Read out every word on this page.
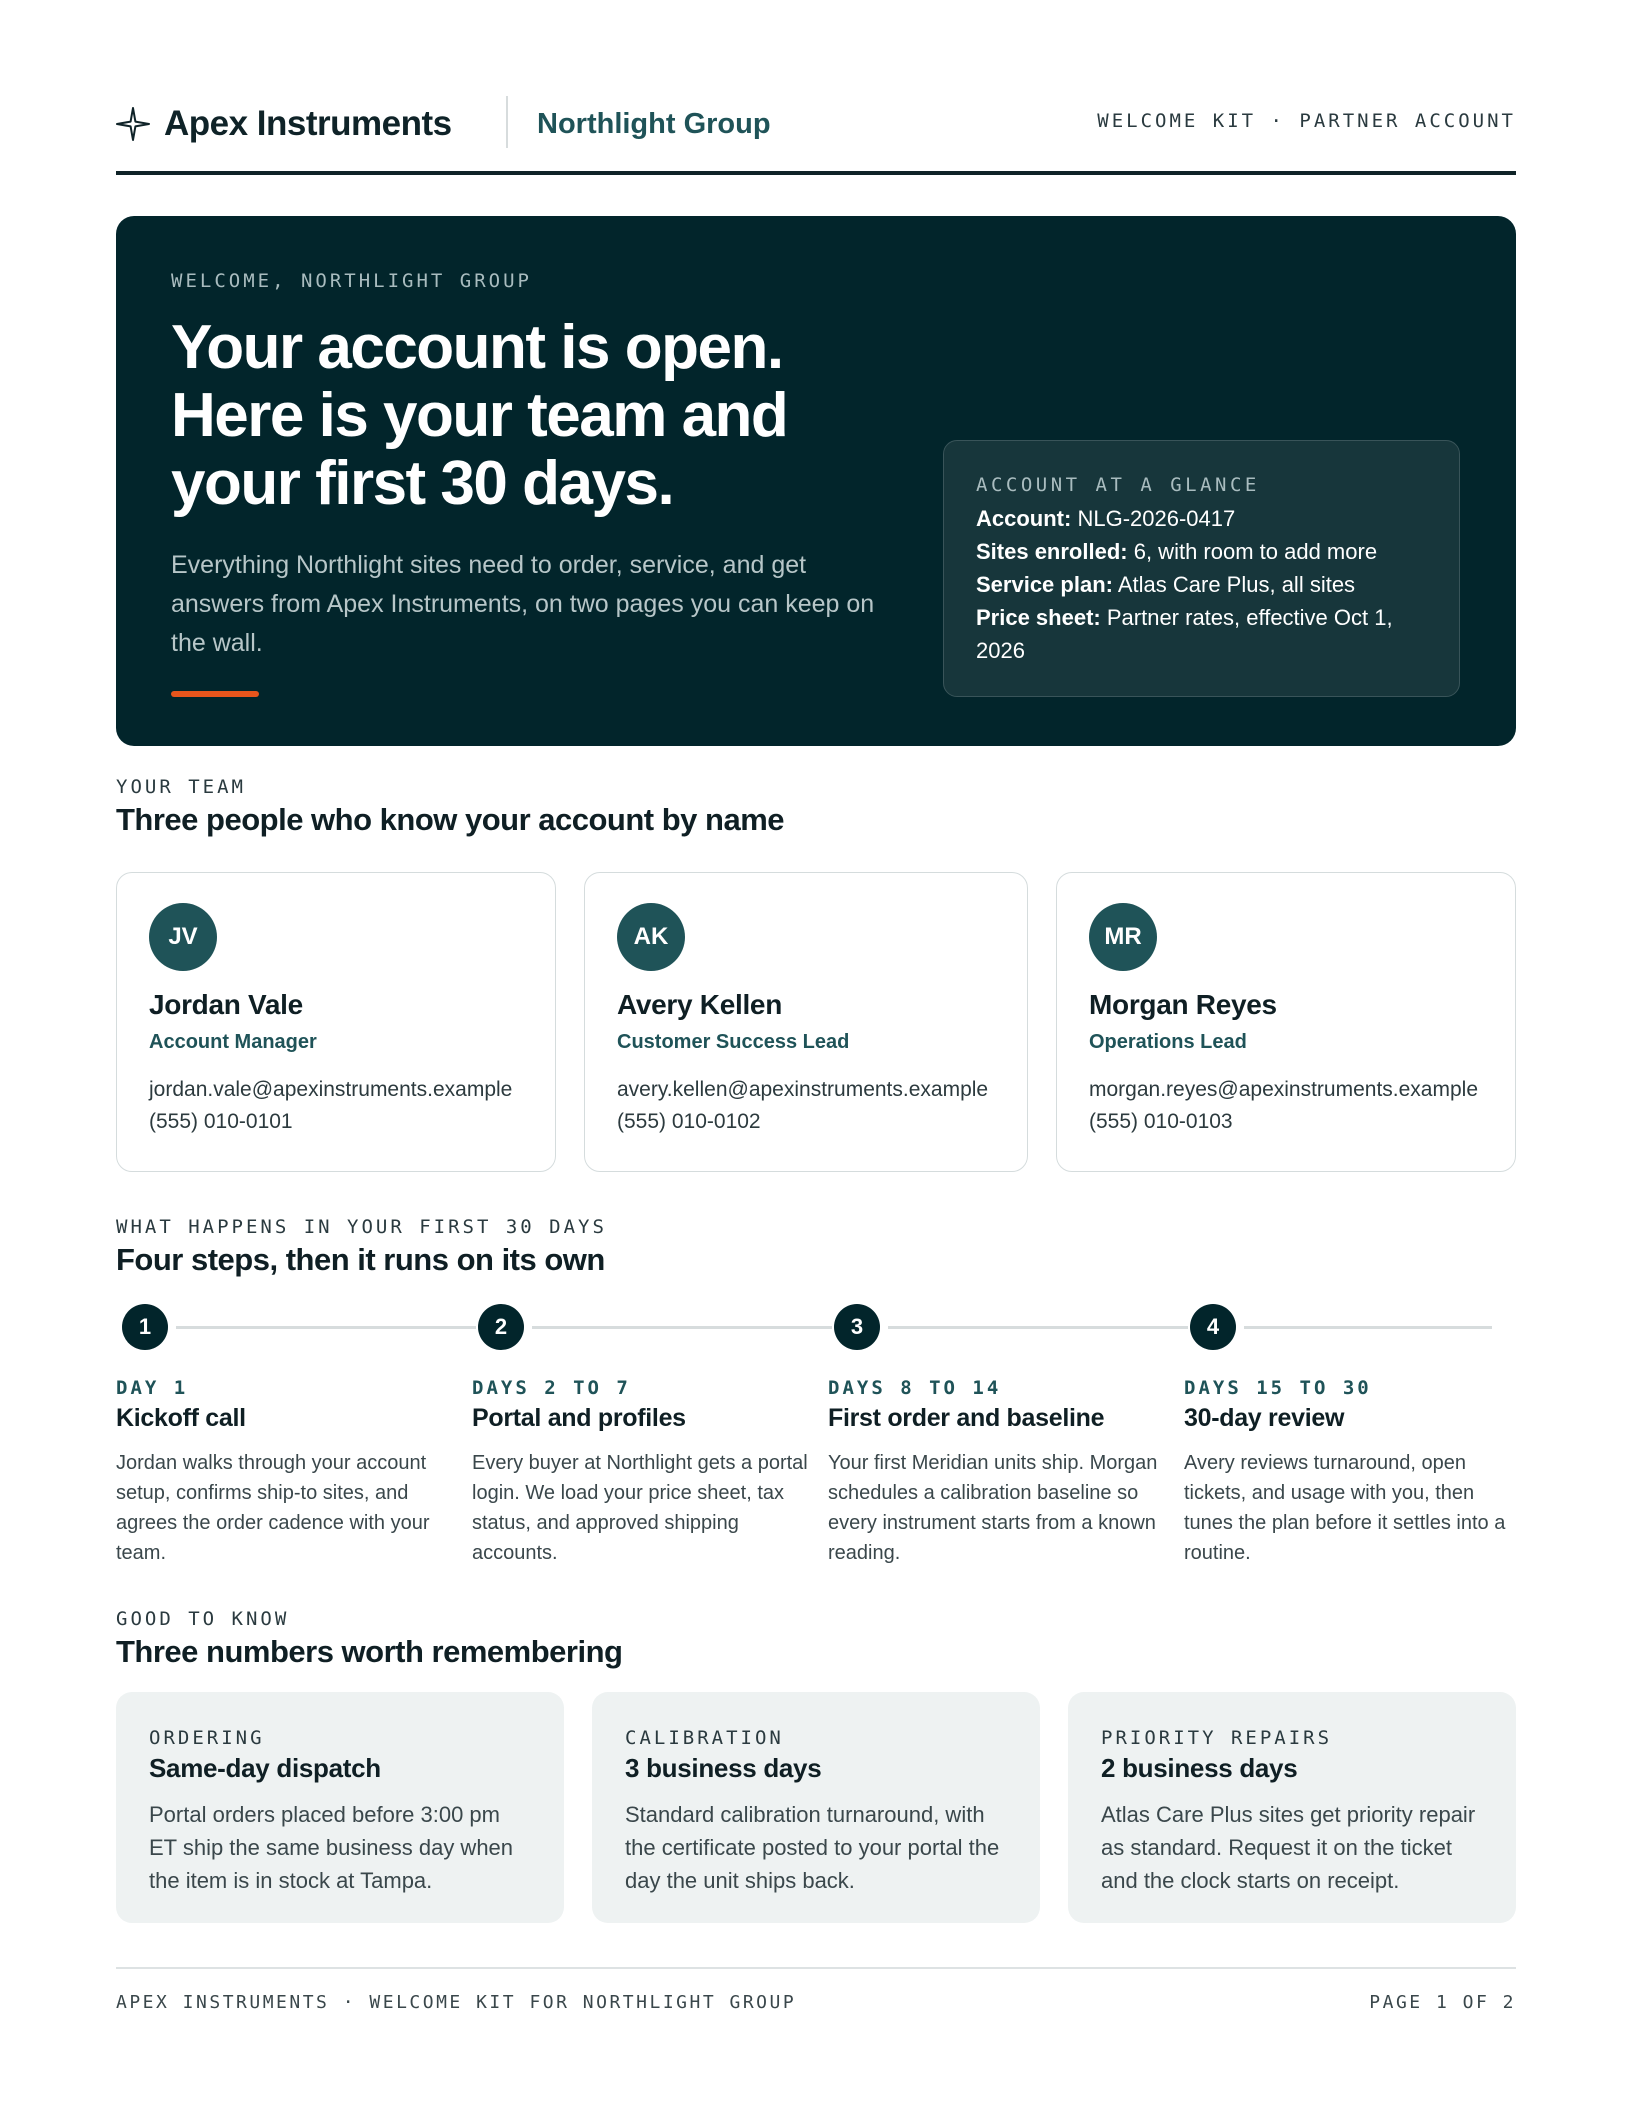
Apex Instruments	Northlight Group	WELCOME KIT · PARTNER ACCOUNT
WELCOME, NORTHLIGHT GROUP
Your account is open. Here is your team and your first 30 days.
Everything Northlight sites need to order, service, and get answers from Apex Instruments, on two pages you can keep on the wall.
ACCOUNT AT A GLANCE
Account: NLG-2026-0417
Sites enrolled: 6, with room to add more
Service plan: Atlas Care Plus, all sites
Price sheet: Partner rates, effective Oct 1, 2026
YOUR TEAM
Three people who know your account by name
JV
Jordan Vale
Account Manager
jordan.vale@apexinstruments.example
(555) 010-0101
AK
Avery Kellen
Customer Success Lead
avery.kellen@apexinstruments.example
(555) 010-0102
MR
Morgan Reyes
Operations Lead
morgan.reyes@apexinstruments.example
(555) 010-0103
WHAT HAPPENS IN YOUR FIRST 30 DAYS
Four steps, then it runs on its own
1
DAY 1
Kickoff call
Jordan walks through your account setup, confirms ship-to sites, and agrees the order cadence with your team.
2
DAYS 2 TO 7
Portal and profiles
Every buyer at Northlight gets a portal login. We load your price sheet, tax status, and approved shipping accounts.
3
DAYS 8 TO 14
First order and baseline
Your first Meridian units ship. Morgan schedules a calibration baseline so every instrument starts from a known reading.
4
DAYS 15 TO 30
30-day review
Avery reviews turnaround, open tickets, and usage with you, then tunes the plan before it settles into a routine.
GOOD TO KNOW
Three numbers worth remembering
ORDERING
Same-day dispatch
Portal orders placed before 3:00 pm ET ship the same business day when the item is in stock at Tampa.
CALIBRATION
3 business days
Standard calibration turnaround, with the certificate posted to your portal the day the unit ships back.
PRIORITY REPAIRS
2 business days
Atlas Care Plus sites get priority repair as standard. Request it on the ticket and the clock starts on receipt.
APEX INSTRUMENTS · WELCOME KIT FOR NORTHLIGHT GROUP	PAGE 1 OF 2
